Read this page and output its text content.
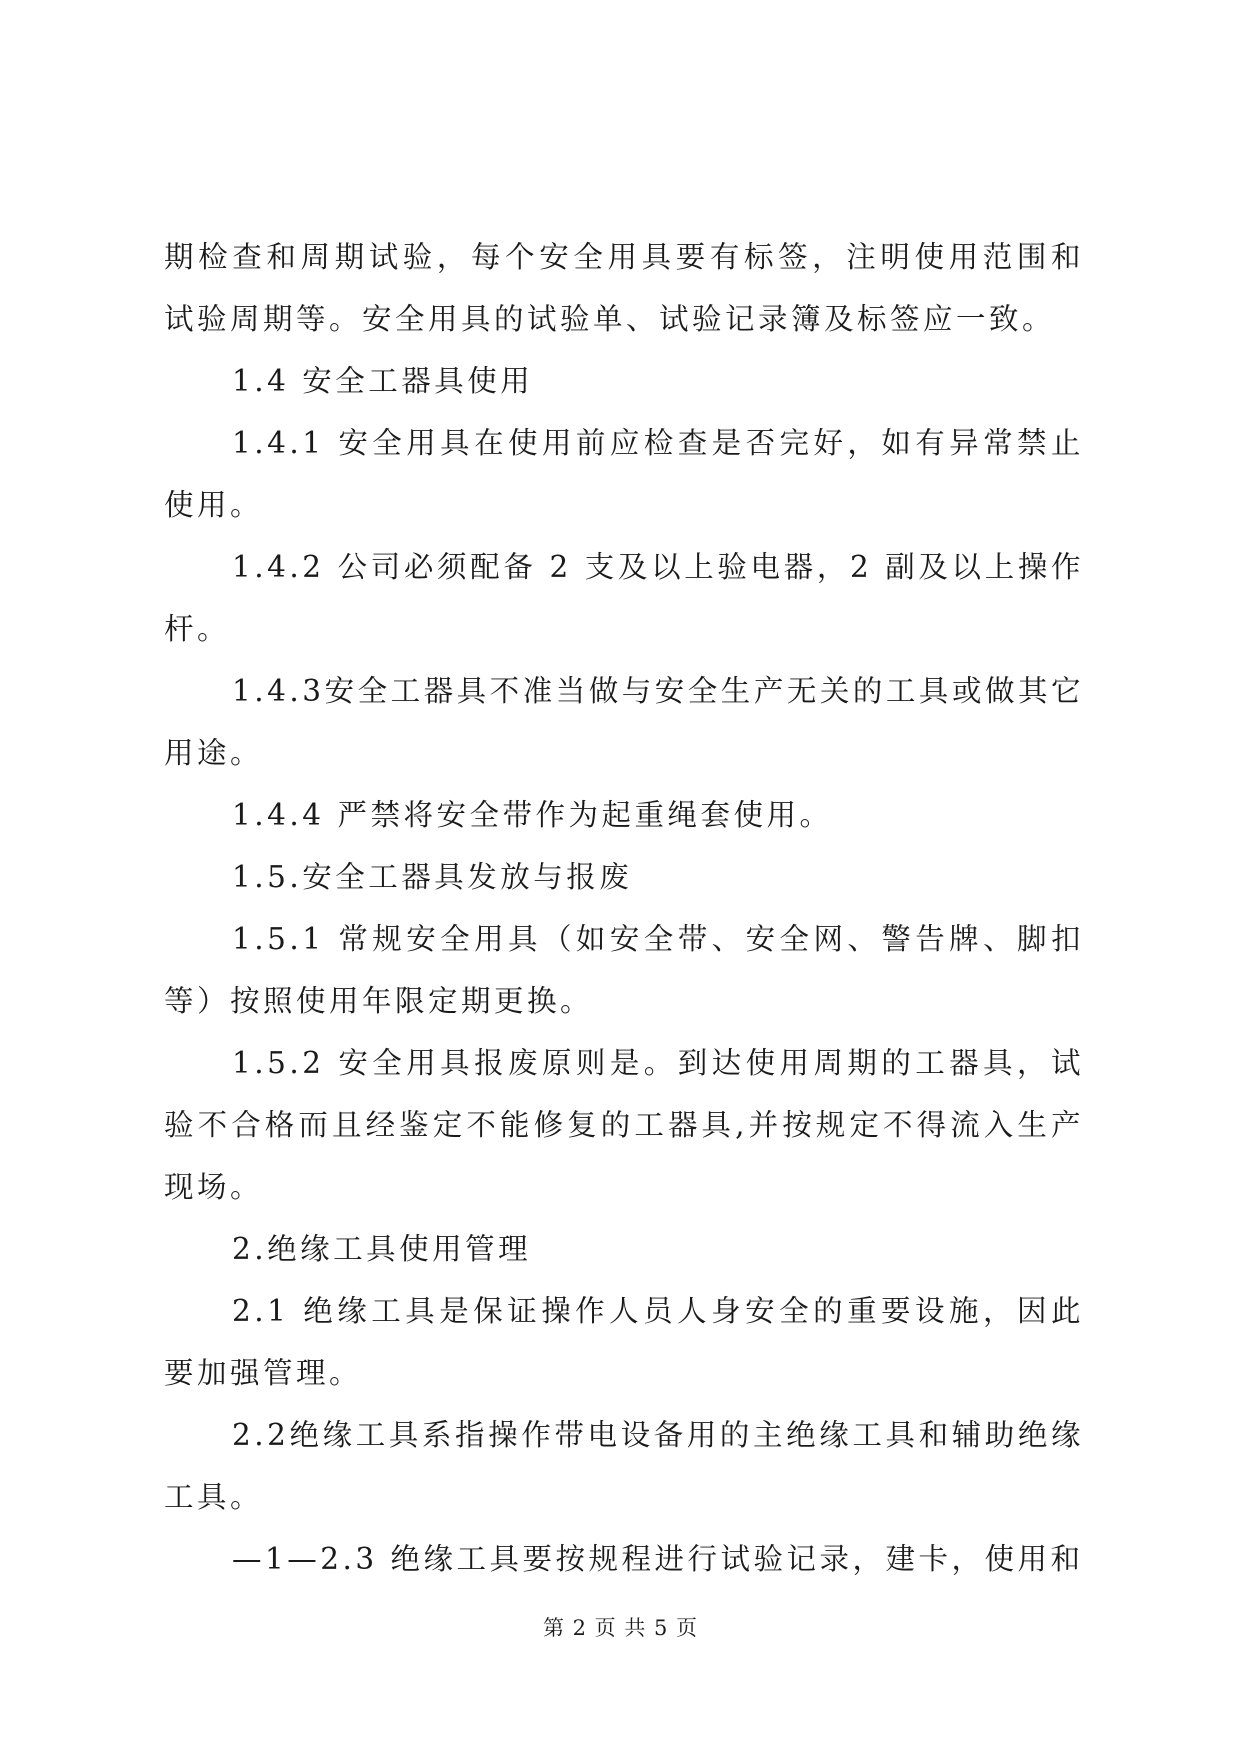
期检查和周期试验，每个安全用具要有标签，注明使用范围和试验周期等。安全用具的试验单、试验记录簿及标签应一致。

1.4 安全工器具使用

1.4.1 安全用具在使用前应检查是否完好，如有异常禁止使用。

1.4.2 公司必须配备 2 支及以上验电器，2 副及以上操作杆。

1.4.3安全工器具不准当做与安全生产无关的工具或做其它用途。

1.4.4 严禁将安全带作为起重绳套使用。

1.5.安全工器具发放与报废

1.5.1 常规安全用具（如安全带、安全网、警告牌、脚扣等）按照使用年限定期更换。

1.5.2 安全用具报废原则是。到达使用周期的工器具，试验不合格而且经鉴定不能修复的工器具,并按规定不得流入生产现场。

2.绝缘工具使用管理

2.1 绝缘工具是保证操作人员人身安全的重要设施，因此要加强管理。

2.2绝缘工具系指操作带电设备用的主绝缘工具和辅助绝缘工具。

—1—2.3 绝缘工具要按规程进行试验记录，建卡，使用和

第 2 页 共 5 页
